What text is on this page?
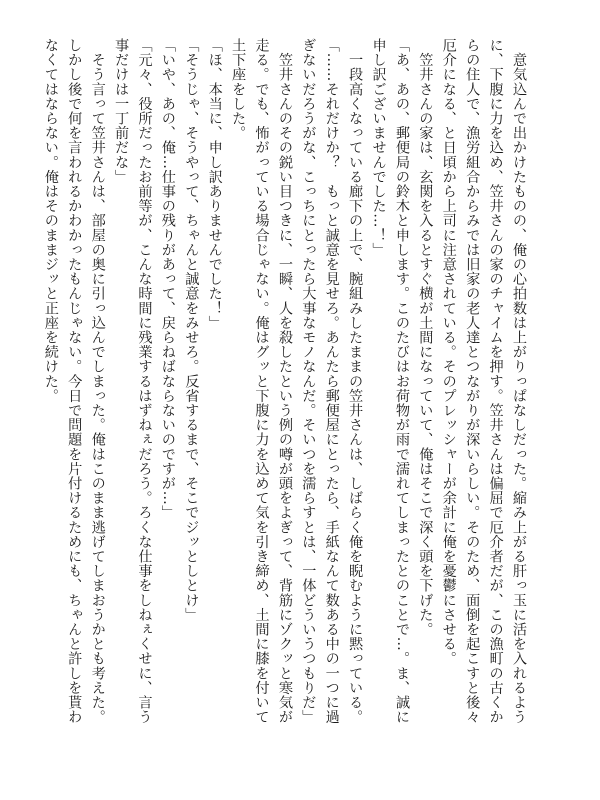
　意気込んで出かけたものの、俺の心拍数は上がりっぱなしだった。縮み上がる肝っ玉に活を入れるように、下腹に力を込め、笠井さんの家のチャイムを押す。笠井さんは偏屈で厄介者だが、この漁町の古くからの住人で、漁労組合からみでは旧家の老人達とつながりが深いらしい。そのため、面倒を起こすと後々厄介になる、と日頃から上司に注意されている。そのプレッシャーが余計に俺を憂鬱にさせる。

　笠井さんの家は、玄関を入るとすぐ横が土間になっていて、俺はそこで深く頭を下げた。

「あ、あの、郵便局の鈴木と申します。このたびはお荷物が雨で濡れてしまったとのことで…。ま、誠に申し訳ございませんでした…！」

　一段高くなっている廊下の上で、腕組みしたままの笠井さんは、しばらく俺を睨むように黙っている。

「……それだけか？　もっと誠意を見せろ。あんたら郵便屋にとったら、手紙なんて数ある中の一つに過ぎないだろうがな、こっちにとったら大事なモノなんだ。そいつを濡らすとは、一体どういうつもりだ」

　笠井さんのその鋭い目つきに、一瞬、人を殺したという例の噂が頭をよぎって、背筋にゾクッと寒気が走る。でも、怖がっている場合じゃない。俺はグッと下腹に力を込めて気を引き締め、土間に膝を付いて土下座をした。

「ほ、本当に、申し訳ありませんでした！」

「そうじゃ、そうやって、ちゃんと誠意をみせろ。反省するまで、そこでジッとしとけ」

「いや、あの、俺…仕事の残りがあって、戻らねばならないのですが…」

「元々、役所だったお前等が、こんな時間に残業するはずねぇだろう。ろくな仕事をしねぇくせに、言う事だけは一丁前だな」

　そう言って笠井さんは、部屋の奥に引っ込んでしまった。俺はこのまま逃げてしまおうかとも考えた。しかし後で何を言われるかわかったもんじゃない。今日で問題を片付けるためにも、ちゃんと許しを貰わなくてはならない。俺はそのままジッと正座を続けた。
